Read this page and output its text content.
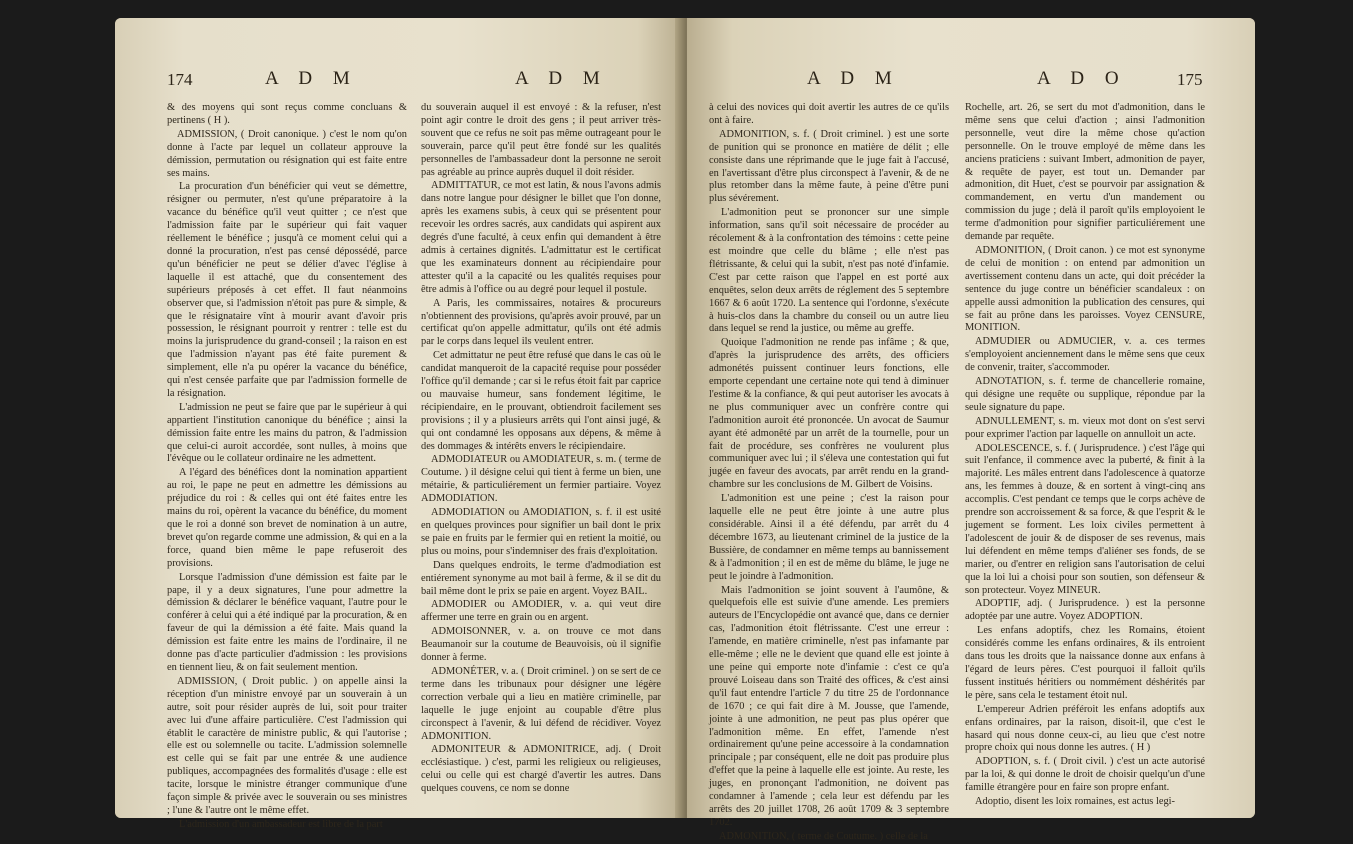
174	A D M	A D M

& des moyens qui sont reçus comme concluans & pertinens ( H ).

ADMISSION, ( Droit canonique. ) c'est le nom qu'on donne à l'acte par lequel un collateur approuve la démission, permutation ou résignation qui est faite entre ses mains.

La procuration d'un bénéficier qui veut se démettre, résigner ou permuter, n'est qu'une préparatoire à la vacance du bénéfice qu'il veut quitter ; ce n'est que l'admission faite par le supérieur qui fait vaquer réellement le bénéfice ; jusqu'à ce moment celui qui a donné la procuration, n'est pas censé dépossédé, parce qu'un bénéficier ne peut se délier d'avec l'église à laquelle il est attaché, que du consentement des supérieurs préposés à cet effet. Il faut néanmoins observer que, si l'admission n'étoit pas pure & simple, & que le résignataire vînt à mourir avant d'avoir pris possession, le résignant pourroit y rentrer : telle est du moins la jurisprudence du grand-conseil ; la raison en est que l'admission n'ayant pas été faite purement & simplement, elle n'a pu opérer la vacance du bénéfice, qui n'est censée parfaite que par l'admission formelle de la résignation.

L'admission ne peut se faire que par le supérieur à qui appartient l'institution canonique du bénéfice ; ainsi la démission faite entre les mains du patron, & l'admission que celui-ci auroit accordée, sont nulles, à moins que l'évêque ou le collateur ordinaire ne les admettent.

A l'égard des bénéfices dont la nomination appartient au roi, le pape ne peut en admettre les démissions au préjudice du roi : & celles qui ont été faites entre les mains du roi, opèrent la vacance du bénéfice, du moment que le roi a donné son brevet de nomination à un autre, brevet qu'on regarde comme une admission, & qui en a la force, quand bien même le pape refuseroit des provisions.

Lorsque l'admission d'une démission est faite par le pape, il y a deux signatures, l'une pour admettre la démission & déclarer le bénéfice vaquant, l'autre pour le conférer à celui qui a été indiqué par la procuration, & en faveur de qui la démission a été faite. Mais quand la démission est faite entre les mains de l'ordinaire, il ne donne pas d'acte particulier d'admission : les provisions en tiennent lieu, & on fait seulement mention.

ADMISSION, ( Droit public. ) on appelle ainsi la réception d'un ministre envoyé par un souverain à un autre, soit pour résider auprès de lui, soit pour traiter avec lui d'une affaire particulière. C'est l'admission qui établit le caractère de ministre public, & qui l'autorise ; elle est ou solemnelle ou tacite. L'admission solemnelle est celle qui se fait par une entrée & une audience publiques, accompagnées des formalités d'usage : elle est tacite, lorsque le ministre étranger communique d'une façon simple & privée avec le souverain ou ses ministres ; l'une & l'autre ont le même effet.

L'admission d'un ambassadeur est libre de la part

du souverain auquel il est envoyé : & la refuser, n'est point agir contre le droit des gens ; il peut arriver très-souvent que ce refus ne soit pas même outrageant pour le souverain, parce qu'il peut être fondé sur les qualités personnelles de l'ambassadeur dont la personne ne seroit pas agréable au prince auprès duquel il doit résider.

ADMITTATUR, ce mot est latin, & nous l'avons admis dans notre langue pour désigner le billet que l'on donne, après les examens subis, à ceux qui se présentent pour recevoir les ordres sacrés, aux candidats qui aspirent aux degrés d'une faculté, à ceux enfin qui demandent à être admis à certaines dignités. L'admittatur est le certificat que les examinateurs donnent au récipiendaire pour attester qu'il a la capacité ou les qualités requises pour être admis à l'office ou au degré pour lequel il postule.

A Paris, les commissaires, notaires & procureurs n'obtiennent des provisions, qu'après avoir prouvé, par un certificat qu'on appelle admittatur, qu'ils ont été admis par le corps dans lequel ils veulent entrer.

Cet admittatur ne peut être refusé que dans le cas où le candidat manqueroit de la capacité requise pour posséder l'office qu'il demande ; car si le refus étoit fait par caprice ou mauvaise humeur, sans fondement légitime, le récipiendaire, en le prouvant, obtiendroit facilement ses provisions ; il y a plusieurs arrêts qui l'ont ainsi jugé, & qui ont condamné les opposans aux dépens, & même à des dommages & intérêts envers le récipiendaire.

ADMODIATEUR ou AMODIATEUR, s. m. ( terme de Coutume. ) il désigne celui qui tient à ferme un bien, une métairie, & particuliérement un fermier partiaire. Voyez ADMODIATION.

ADMODIATION ou AMODIATION, s. f. il est usité en quelques provinces pour signifier un bail dont le prix se paie en fruits par le fermier qui en retient la moitié, ou plus ou moins, pour s'indemniser des frais d'exploitation.

Dans quelques endroits, le terme d'admodiation est entiérement synonyme au mot bail à ferme, & il se dit du bail même dont le prix se paie en argent. Voyez BAIL.

ADMODIER ou AMODIER, v. a. qui veut dire affermer une terre en grain ou en argent.

ADMOISONNER, v. a. on trouve ce mot dans Beaumanoir sur la coutume de Beauvoisis, où il signifie donner à ferme.

ADMONÉTER, v. a. ( Droit criminel. ) on se sert de ce terme dans les tribunaux pour désigner une légère correction verbale qui a lieu en matière criminelle, par laquelle le juge enjoint au coupable d'être plus circonspect à l'avenir, & lui défend de récidiver. Voyez ADMONITION.

ADMONITEUR & ADMONITRICE, adj. ( Droit ecclésiastique. ) c'est, parmi les religieux ou religieuses, celui ou celle qui est chargé d'avertir les autres. Dans quelques couvens, ce nom se donne

A D M	A D O	175

à celui des novices qui doit avertir les autres de ce qu'ils ont à faire.

ADMONITION, s. f. ( Droit criminel. ) est une sorte de punition qui se prononce en matière de délit ; elle consiste dans une réprimande que le juge fait à l'accusé, en l'avertissant d'être plus circonspect à l'avenir, & de ne plus retomber dans la même faute, à peine d'être puni plus sévérement.

L'admonition peut se prononcer sur une simple information, sans qu'il soit nécessaire de procéder au récolement & à la confrontation des témoins : cette peine est moindre que celle du blâme ; elle n'est pas flétrissante, & celui qui la subit, n'est pas noté d'infamie. C'est par cette raison que l'appel en est porté aux enquêtes, selon deux arrêts de réglement des 5 septembre 1667 & 6 août 1720. La sentence qui l'ordonne, s'exécute à huis-clos dans la chambre du conseil ou un autre lieu dans lequel se rend la justice, ou même au greffe.

Quoique l'admonition ne rende pas infâme ; & que, d'après la jurisprudence des arrêts, des officiers admonétés puissent continuer leurs fonctions, elle emporte cependant une certaine note qui tend à diminuer l'estime & la confiance, & qui peut autoriser les avocats à ne plus communiquer avec un confrère contre qui l'admonition auroit été prononcée. Un avocat de Saumur ayant été admonêté par un arrêt de la tournelle, pour un fait de procédure, ses confrères ne voulurent plus communiquer avec lui ; il s'éleva une contestation qui fut jugée en faveur des avocats, par arrêt rendu en la grand-chambre sur les conclusions de M. Gilbert de Voisins.

L'admonition est une peine ; c'est la raison pour laquelle elle ne peut être jointe à une autre plus considérable. Ainsi il a été défendu, par arrêt du 4 décembre 1673, au lieutenant criminel de la justice de la Bussière, de condamner en même temps au bannissement & à l'admonition ; il en est de même du blâme, le juge ne peut le joindre à l'admonition.

Mais l'admonition se joint souvent à l'aumône, & quelquefois elle est suivie d'une amende. Les premiers auteurs de l'Encyclopédie ont avancé que, dans ce dernier cas, l'admonition étoit flétrissante. C'est une erreur : l'amende, en matière criminelle, n'est pas infamante par elle-même ; elle ne le devient que quand elle est jointe à une peine qui emporte note d'infamie : c'est ce qu'a prouvé Loiseau dans son Traité des offices, & c'est ainsi qu'il faut entendre l'article 7 du titre 25 de l'ordonnance de 1670 ; ce qui fait dire à M. Jousse, que l'amende, jointe à une admonition, ne peut pas plus opérer que l'admonition même. En effet, l'amende n'est ordinairement qu'une peine accessoire à la condamnation principale ; par conséquent, elle ne doit pas produire plus d'effet que la peine à laquelle elle est jointe. Au reste, les juges, en prononçant l'admonition, ne doivent pas condamner à l'amende ; cela leur est défendu par les arrêts des 20 juillet 1708, 26 août 1709 & 3 septembre 1702.

ADMONITION, ( terme de Coutume. ) celle de la

Rochelle, art. 26, se sert du mot d'admonition, dans le même sens que celui d'action ; ainsi l'admonition personnelle, veut dire la même chose qu'action personnelle. On le trouve employé de même dans les anciens praticiens : suivant Imbert, admonition de payer, & requête de payer, est tout un. Demander par admonition, dit Huet, c'est se pourvoir par assignation & commandement, en vertu d'un mandement ou commission du juge ; delà il paroît qu'ils employoient le terme d'admonition pour signifier particuliérement une demande par requête.

ADMONITION, ( Droit canon. ) ce mot est synonyme de celui de monition : on entend par admonition un avertissement contenu dans un acte, qui doit précéder la sentence du juge contre un bénéficier scandaleux : on appelle aussi admonition la publication des censures, qui se fait au prône dans les paroisses. Voyez CENSURE, MONITION.

ADMUDIER ou ADMUCIER, v. a. ces termes s'employoient anciennement dans le même sens que ceux de convenir, traiter, s'accommoder.

ADNOTATION, s. f. terme de chancellerie romaine, qui désigne une requête ou supplique, répondue par la seule signature du pape.

ADNULLEMENT, s. m. vieux mot dont on s'est servi pour exprimer l'action par laquelle on annulloit un acte.

ADOLESCENCE, s. f. ( Jurisprudence. ) c'est l'âge qui suit l'enfance, il commence avec la puberté, & finit à la majorité. Les mâles entrent dans l'adolescence à quatorze ans, les femmes à douze, & en sortent à vingt-cinq ans accomplis. C'est pendant ce temps que le corps achève de prendre son accroissement & sa force, & que l'esprit & le jugement se forment. Les loix civiles permettent à l'adolescent de jouir & de disposer de ses revenus, mais lui défendent en même temps d'aliéner ses fonds, de se marier, ou d'entrer en religion sans l'autorisation de celui que la loi lui a choisi pour son soutien, son défenseur & son protecteur. Voyez MINEUR.

ADOPTIF, adj. ( Jurisprudence. ) est la personne adoptée par une autre. Voyez ADOPTION.

Les enfans adoptifs, chez les Romains, étoient considérés comme les enfans ordinaires, & ils entroient dans tous les droits que la naissance donne aux enfans à l'égard de leurs pères. C'est pourquoi il falloit qu'ils fussent institués héritiers ou nommément déshérités par le père, sans cela le testament étoit nul.

L'empereur Adrien préféroit les enfans adoptifs aux enfans ordinaires, par la raison, disoit-il, que c'est le hasard qui nous donne ceux-ci, au lieu que c'est notre propre choix qui nous donne les autres. ( H )

ADOPTION, s. f. ( Droit civil. ) c'est un acte autorisé par la loi, & qui donne le droit de choisir quelqu'un d'une famille étrangère pour en faire son propre enfant.

Adoptio, disent les loix romaines, est actus legi-
